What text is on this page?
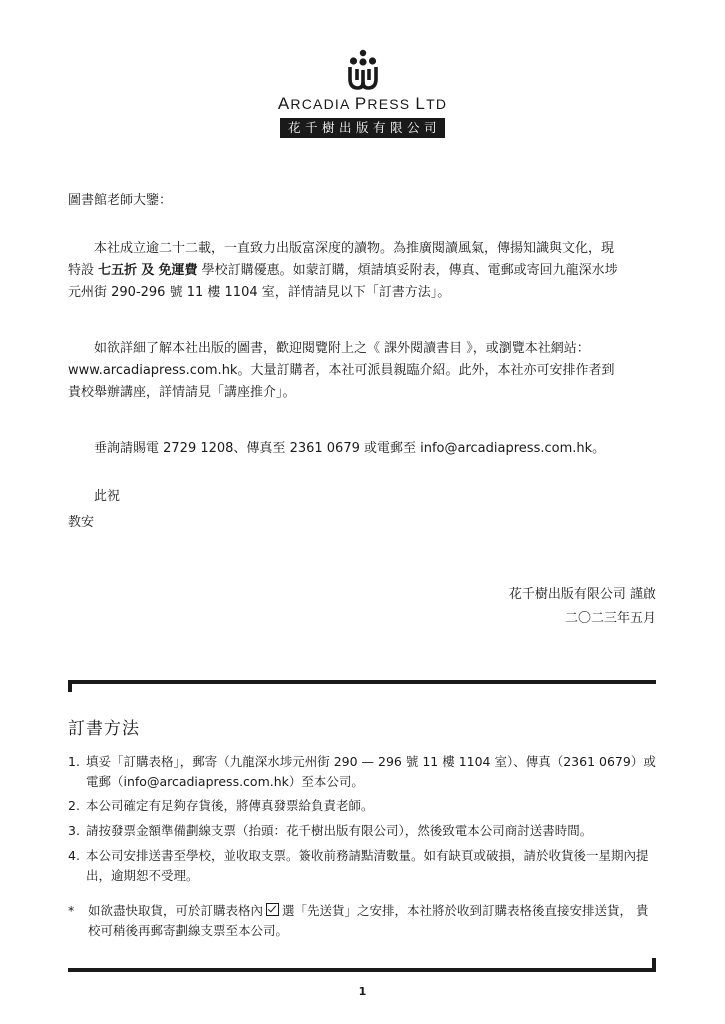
ARCADIA PRESS LTD
花千樹出版有限公司
圖書館老師大鑒：
本社成立逾二十二載，一直致力出版富深度的讀物。為推廣閱讀風氣，傳揚知識與文化，現
特設 七五折 及 免運費 學校訂購優惠。如蒙訂購，煩請填妥附表，傳真、電郵或寄回九龍深水埗
元州街 290-296 號 11 樓 1104 室，詳情請見以下「訂書方法」。
如欲詳細了解本社出版的圖書，歡迎閱覽附上之《 課外閱讀書目 》，或瀏覽本社網站：
www.arcadiapress.com.hk。大量訂購者，本社可派員親臨介紹。此外，本社亦可安排作者到
貴校舉辦講座，詳情請見「講座推介」。
垂詢請賜電 2729 1208、傳真至 2361 0679 或電郵至 info@arcadiapress.com.hk。
此祝
教安
花千樹出版有限公司 謹啟
二〇二三年五月
訂書方法
1. 填妥「訂購表格」，郵寄（九龍深水埗元州街 290 — 296 號 11 樓 1104 室）、傳真（2361 0679）或
電郵（info@arcadiapress.com.hk）至本公司。
2. 本公司確定有足夠存貨後，將傳真發票給負責老師。
3. 請按發票金額準備劃線支票（抬頭：花千樹出版有限公司），然後致電本公司商討送書時間。
4. 本公司安排送書至學校，並收取支票。簽收前務請點清數量。如有缺頁或破損，請於收貨後一星期內提
出，逾期恕不受理。
* 如欲盡快取貨，可於訂購表格內 選「先送貨」之安排，本社將於收到訂購表格後直接安排送貨， 貴
校可稍後再郵寄劃線支票至本公司。
1
